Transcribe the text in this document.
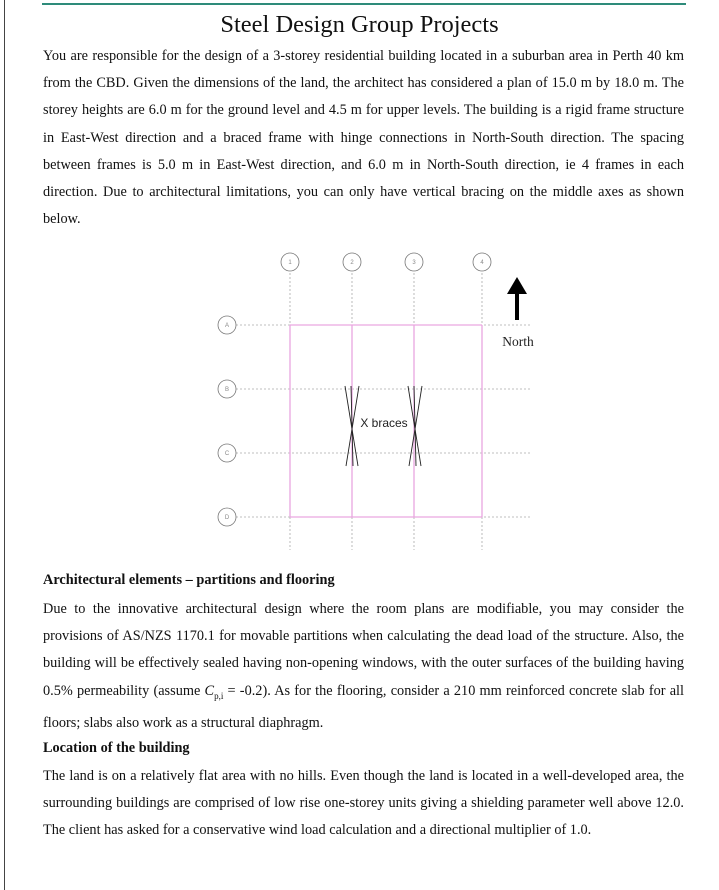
Steel Design Group Projects

You are responsible for the design of a 3-storey residential building located in a suburban area in Perth 40 km from the CBD. Given the dimensions of the land, the architect has considered a plan of 15.0 m by 18.0 m. The storey heights are 6.0 m for the ground level and 4.5 m for upper levels. The building is a rigid frame structure in East-West direction and a braced frame with hinge connections in North-South direction. The spacing between frames is 5.0 m in East-West direction, and 6.0 m in North-South direction, ie 4 frames in each direction. Due to architectural limitations, you can only have vertical bracing on the middle axes as shown below.

X braces
1	2	3	4
A
B
C
D
North

Architectural elements – partitions and flooring

Due to the innovative architectural design where the room plans are modifiable, you may consider the provisions of AS/NZS 1170.1 for movable partitions when calculating the dead load of the structure. Also, the building will be effectively sealed having non-opening windows, with the outer surfaces of the building having 0.5% permeability (assume $C_{p,i} = -0.2$). As for the flooring, consider a 210 mm reinforced concrete slab for all floors; slabs also work as a structural diaphragm.

Location of the building

The land is on a relatively flat area with no hills. Even though the land is located in a well-developed area, the surrounding buildings are comprised of low rise one-storey units giving a shielding parameter well above 12.0. The client has asked for a conservative wind load calculation and a directional multiplier of 1.0.
